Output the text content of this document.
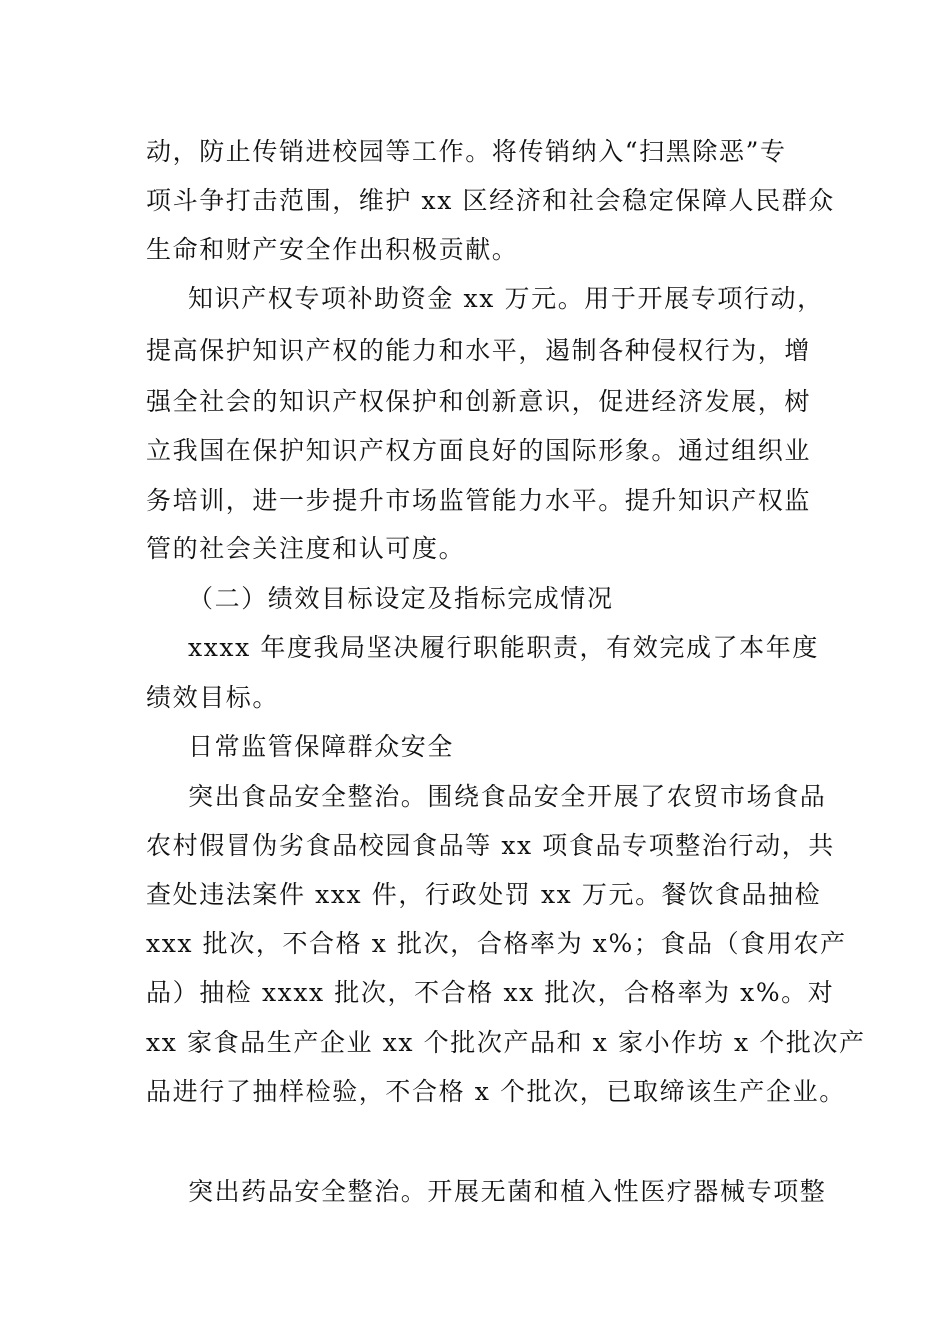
动，防止传销进校园等工作。将传销纳入“扫黑除恶”专
项斗争打击范围，维护 xx 区经济和社会稳定保障人民群众
生命和财产安全作出积极贡献。
知识产权专项补助资金 xx 万元。用于开展专项行动，
提高保护知识产权的能力和水平，遏制各种侵权行为，增
强全社会的知识产权保护和创新意识，促进经济发展，树
立我国在保护知识产权方面良好的国际形象。通过组织业
务培训，进一步提升市场监管能力水平。提升知识产权监
管的社会关注度和认可度。
（二）绩效目标设定及指标完成情况
xxxx 年度我局坚决履行职能职责，有效完成了本年度
绩效目标。
日常监管保障群众安全
突出食品安全整治。围绕食品安全开展了农贸市场食品
农村假冒伪劣食品校园食品等 xx 项食品专项整治行动，共
查处违法案件 xxx 件，行政处罚 xx 万元。餐饮食品抽检
xxx 批次，不合格 x 批次，合格率为 x%；食品（食用农产
品）抽检 xxxx 批次，不合格 xx 批次，合格率为 x%。对
xx 家食品生产企业 xx 个批次产品和 x 家小作坊 x 个批次产
品进行了抽样检验，不合格 x 个批次，已取缔该生产企业。
突出药品安全整治。开展无菌和植入性医疗器械专项整
